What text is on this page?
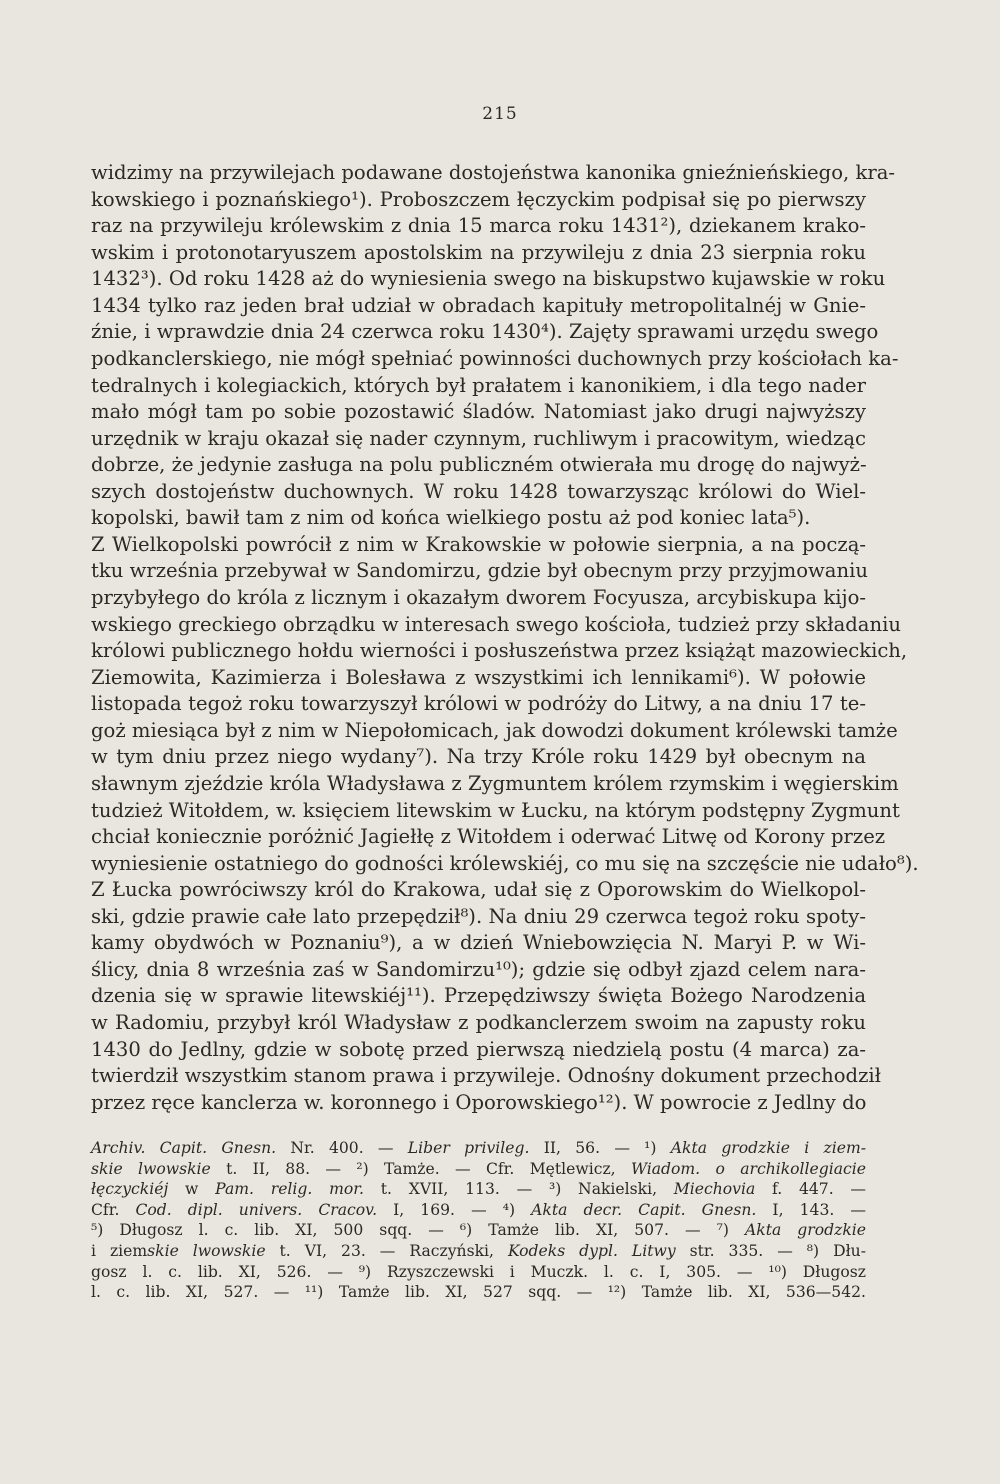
215
widzimy na przywilejach podawane dostojeństwa kanonika gnieźnieńskiego, kra-
kowskiego i poznańskiego¹). Proboszczem łęczyckim podpisał się po pierwszy
raz na przywileju królewskim z dnia 15 marca roku 1431²), dziekanem krako-
wskim i protonotaryuszem apostolskim na przywileju z dnia 23 sierpnia roku
1432³). Od roku 1428 aż do wyniesienia swego na biskupstwo kujawskie w roku
1434 tylko raz jeden brał udział w obradach kapituły metropolitalnéj w Gnie-
źnie, i wprawdzie dnia 24 czerwca roku 1430⁴). Zajęty sprawami urzędu swego
podkanclerskiego, nie mógł spełniać powinności duchownych przy kościołach ka-
tedralnych i kolegiackich, których był prałatem i kanonikiem, i dla tego nader
mało mógł tam po sobie pozostawić śladów. Natomiast jako drugi najwyższy
urzędnik w kraju okazał się nader czynnym, ruchliwym i pracowitym, wiedząc
dobrze, że jedynie zasługa na polu publiczném otwierała mu drogę do najwyż-
szych dostojeństw duchownych. W roku 1428 towarzysząc królowi do Wiel-
kopolski, bawił tam z nim od końca wielkiego postu aż pod koniec lata⁵).
Z Wielkopolski powrócił z nim w Krakowskie w połowie sierpnia, a na począ-
tku września przebywał w Sandomirzu, gdzie był obecnym przy przyjmowaniu
przybyłego do króla z licznym i okazałym dworem Focyusza, arcybiskupa kijo-
wskiego greckiego obrządku w interesach swego kościoła, tudzież przy składaniu
królowi publicznego hołdu wierności i posłuszeństwa przez książąt mazowieckich,
Ziemowita, Kazimierza i Bolesława z wszystkimi ich lennikami⁶). W połowie
listopada tegoż roku towarzyszył królowi w podróży do Litwy, a na dniu 17 te-
goż miesiąca był z nim w Niepołomicach, jak dowodzi dokument królewski tamże
w tym dniu przez niego wydany⁷). Na trzy Króle roku 1429 był obecnym na
sławnym zjeździe króla Władysława z Zygmuntem królem rzymskim i węgierskim
tudzież Witołdem, w. księciem litewskim w Łucku, na którym podstępny Zygmunt
chciał koniecznie poróżnić Jagiełłę z Witołdem i oderwać Litwę od Korony przez
wyniesienie ostatniego do godności królewskiéj, co mu się na szczęście nie udało⁸).
Z Łucka powróciwszy król do Krakowa, udał się z Oporowskim do Wielkopol-
ski, gdzie prawie całe lato przepędził⁸). Na dniu 29 czerwca tegoż roku spoty-
kamy obydwóch w Poznaniu⁹), a w dzień Wniebowzięcia N. Maryi P. w Wi-
ślicy, dnia 8 września zaś w Sandomirzu¹⁰); gdzie się odbył zjazd celem nara-
dzenia się w sprawie litewskiéj¹¹). Przepędziwszy święta Bożego Narodzenia
w Radomiu, przybył król Władysław z podkanclerzem swoim na zapusty roku
1430 do Jedlny, gdzie w sobotę przed pierwszą niedzielą postu (4 marca) za-
twierdził wszystkim stanom prawa i przywileje. Odnośny dokument przechodził
przez ręce kanclerza w. koronnego i Oporowskiego¹²). W powrocie z Jedlny do
Archiv. Capit. Gnesn. Nr. 400. — Liber privileg. II, 56. — ¹) Akta grodzkie i ziem-
skie lwowskie t. II, 88. — ²) Tamże. — Cfr. Mętlewicz, Wiadom. o archikollegiacie
łęczyckiéj w Pam. relig. mor. t. XVII, 113. — ³) Nakielski, Miechovia f. 447. —
Cfr. Cod. dipl. univers. Cracov. I, 169. — ⁴) Akta decr. Capit. Gnesn. I, 143. —
⁵) Długosz l. c. lib. XI, 500 sqq. — ⁶) Tamże lib. XI, 507. — ⁷) Akta grodzkie
i ziemskie lwowskie t. VI, 23. — Raczyński, Kodeks dypl. Litwy str. 335. — ⁸) Dłu-
gosz l. c. lib. XI, 526. — ⁹) Rzyszczewski i Muczk. l. c. I, 305. — ¹⁰) Długosz
l. c. lib. XI, 527. — ¹¹) Tamże lib. XI, 527 sqq. — ¹²) Tamże lib. XI, 536—542.
